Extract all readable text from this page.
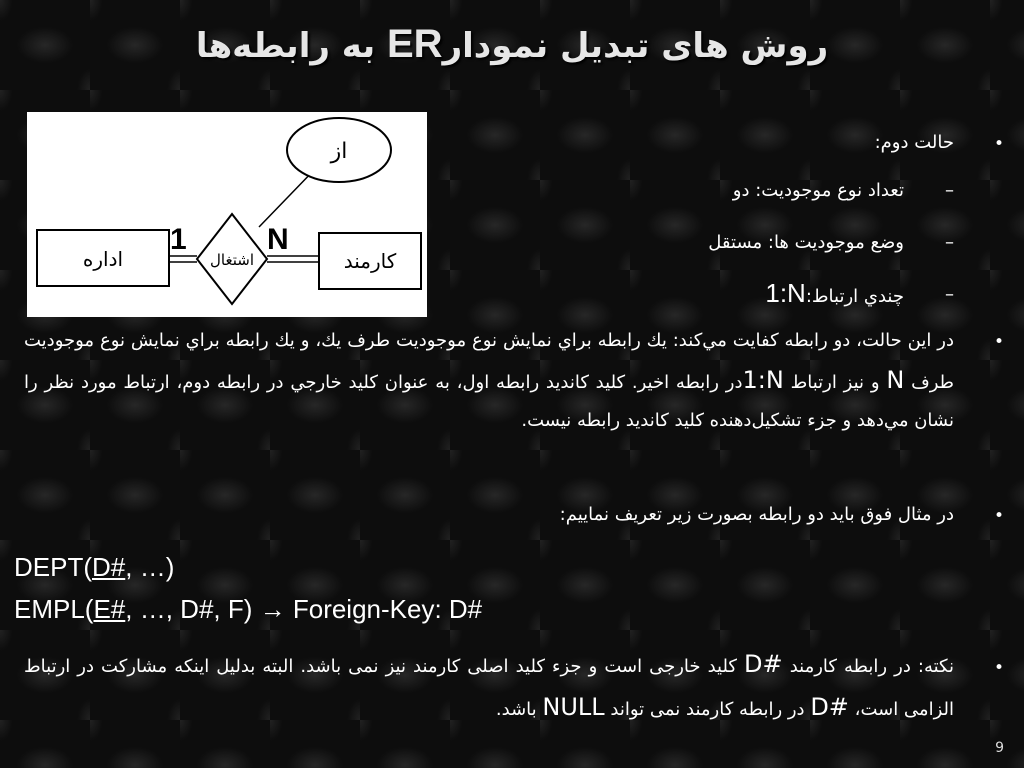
روش های تبدیل نمودارER به رابطه‌ها
اداره	اشتغال	کارمند
از
1	N
•
حالت دوم:
–
تعداد نوع موجوديت: دو
–
وضع موجوديت ها: مستقل
–
چندي ارتباط:1:N
•
در اين حالت، دو رابطه كفايت مي‌كند: يك رابطه براي نمايش نوع موجوديت طرف يك، و يك رابطه براي نمايش نوع موجوديت طرف N و نيز ارتباط 1:Nدر رابطه اخير. كليد كانديد رابطه اول، به عنوان كليد خارجي در رابطه دوم، ارتباط مورد نظر را نشان مي‌دهد و جزء تشكيل‌دهنده كليد كانديد رابطه نيست.
•
در مثال فوق باید دو رابطه بصورت زیر تعریف نماییم:
DEPT(D#, …)
EMPL(E#, …, D#, F) → Foreign-Key: D#
•
نکته: در رابطه کارمند D# کلید خارجی است و جزء کلید اصلی کارمند نیز نمی باشد. البته بدلیل اینکه مشارکت در ارتباط الزامی است، D# در رابطه کارمند نمی تواند NULL باشد.
9
